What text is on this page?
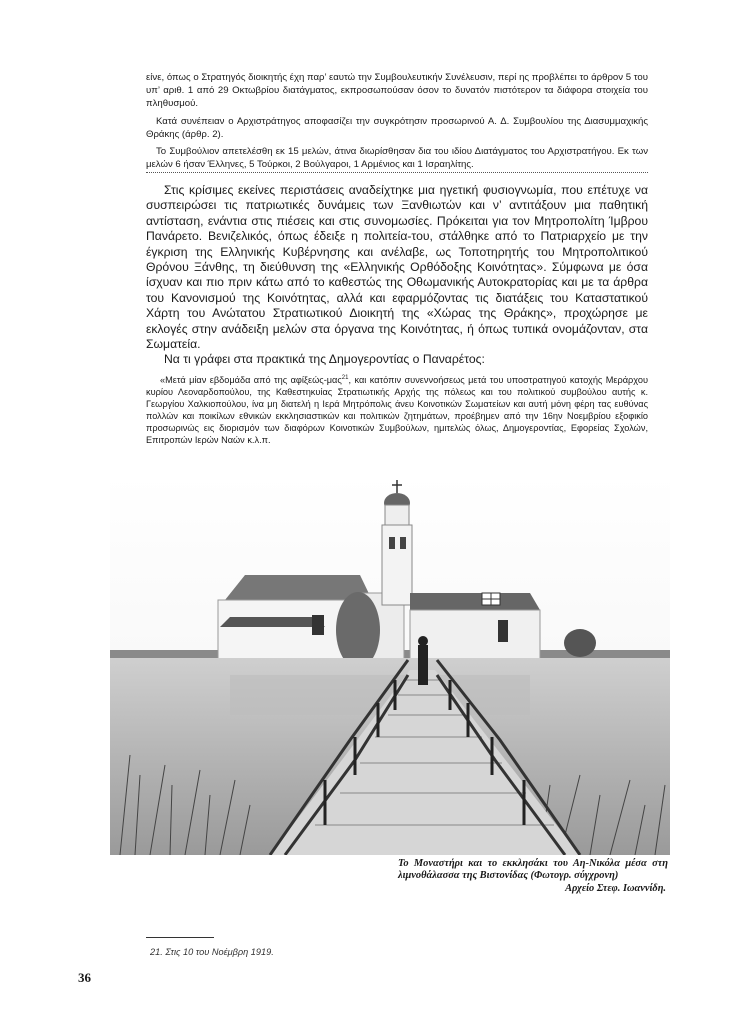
είνε, όπως ο Στρατηγός διοικητής έχη παρ’ εαυτώ την Συμβουλευτικήν Συνέλευσιν, περί ης προβλέπει το άρθρον 5 του υπ’ αριθ. 1 από 29 Οκτωβρίου διατάγματος, εκπροσωπούσαν όσον το δυνατόν πιστότερον τα διάφορα στοιχεία του πληθυσμού.

Κατά συνέπειαν ο Αρχιστράτηγος αποφασίζει την συγκρότησιν προσωρινού Α. Δ. Συμβουλίου της Διασυμμαχικής Θράκης (άρθρ. 2).

Το Συμβούλιον απετελέσθη εκ 15 μελών, άτινα διωρίσθησαν δια του ιδίου Διατάγματος του Αρχιστρατήγου. Εκ των μελών 6 ήσαν Έλληνες, 5 Τούρκοι, 2 Βούλγαροι, 1 Αρμένιος και 1 Ισραηλίτης.

Στις κρίσιμες εκείνες περιστάσεις αναδείχτηκε μια ηγετική φυσιογνωμία, που επέτυχε να συσπειρώσει τις πατριωτικές δυνάμεις των Ξανθιωτών και ν’ αντιτάξουν μια παθητική αντίσταση, ενάντια στις πιέσεις και στις συνομωσίες. Πρόκειται για τον Μητροπολίτη Ίμβρου Πανάρετο. Βενιζελικός, όπως έδειξε η πολιτεία-του, στάλθηκε από το Πατριαρχείο με την έγκριση της Ελληνικής Κυβέρνησης και ανέλαβε, ως Τοποτηρητής του Μητροπολιτικού Θρόνου Ξάνθης, τη διεύθυνση της «Ελληνικής Ορθόδοξης Κοινότητας». Σύμφωνα με όσα ίσχυαν και πιο πριν κάτω από το καθεστώς της Οθωμανικής Αυτοκρατορίας και με τα άρθρα του Κανονισμού της Κοινότητας, αλλά και εφαρμόζοντας τις διατάξεις του Καταστατικού Χάρτη του Ανώτατου Στρατιωτικού Διοικητή της «Χώρας της Θράκης», προχώρησε με εκλογές στην ανάδειξη μελών στα όργανα της Κοινότητας, ή όπως τυπικά ονομάζονταν, στα Σωματεία.

Να τι γράφει στα πρακτικά της Δημογεροντίας ο Παναρέτος:

«Μετά μίαν εβδομάδα από της αφίξεώς-μας$^{21}$, και κατόπιν συνεννοήσεως μετά του υποστρατηγού κατοχής Μεράρχου κυρίου Λεοναρδοπούλου, της Καθεστηκυίας Στρατιωτικής Αρχής της πόλεως και του πολιτικού συμβούλου αυτής κ. Γεωργίου Χαλκιοπούλου, ίνα μη διατελή η Ιερά Μητρόπολις άνευ Κοινοτικών Σωματείων και αυτή μόνη φέρη τας ευθύνας πολλών και ποικίλων εθνικών εκκλησιαστικών και πολιτικών ζητημάτων, προέβημεν από την 16ην Νοεμβρίου εξοφικίο προσωρινώς εις διορισμόν των διαφόρων Κοινοτικών Συμβούλων, ημιτελώς όλως, Δημογεροντίας, Εφορείας Σχολών, Επιτροπών Ιερών Ναών κ.λ.π.

Το Μοναστήρι και το εκκλησάκι του Αη-Νικόλα μέσα στη λιμνοθάλασσα της Βιστονίδας (Φωτογρ. σύγχρονη)
Αρχείο Στεφ. Ιωαννίδη.
21. Στις 10 του Νοέμβρη 1919.
36
